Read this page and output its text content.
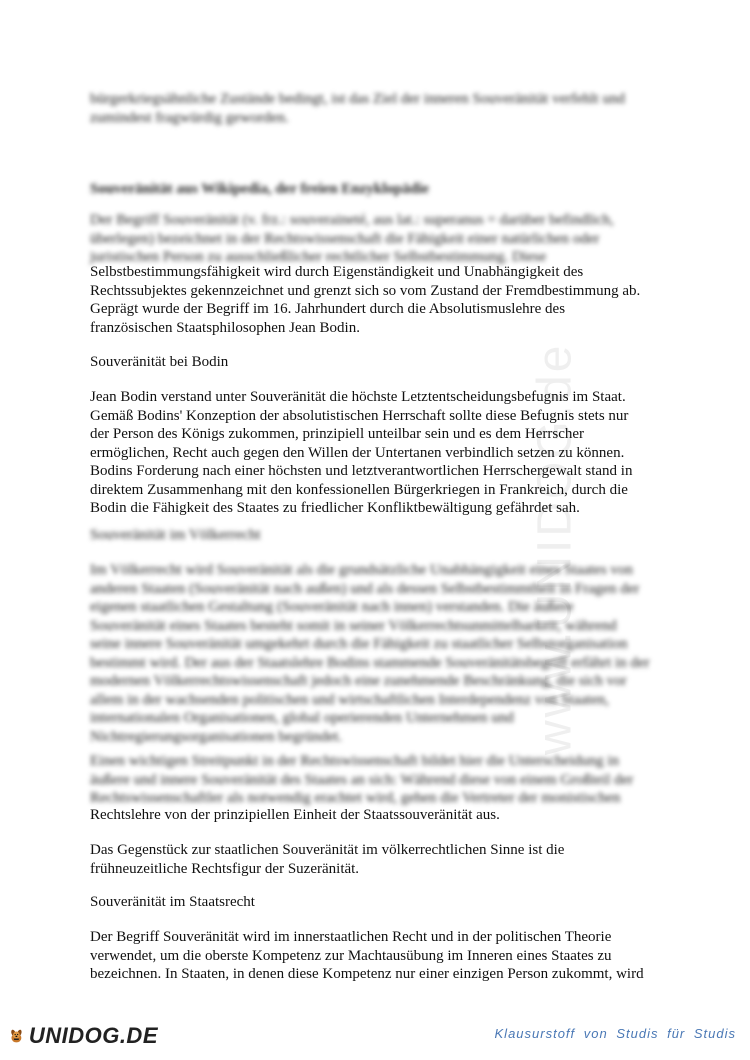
www.UNIDOG.de

bürgerkriegsähnliche Zustände bedingt, ist das Ziel der inneren Souveränität verfehlt und zumindest fragwürdig geworden.

Souveränität aus Wikipedia, der freien Enzyklopädie

Der Begriff Souveränität (v. frz.: souveraineté, aus lat.: superanus = darüber befindlich, überlegen) bezeichnet in der Rechtswissenschaft die Fähigkeit einer natürlichen oder juristischen Person zu ausschließlicher rechtlicher Selbstbestimmung. Diese

Selbstbestimmungsfähigkeit wird durch Eigenständigkeit und Unabhängigkeit des Rechtssubjektes gekennzeichnet und grenzt sich so vom Zustand der Fremdbestimmung ab. Geprägt wurde der Begriff im 16. Jahrhundert durch die Absolutismuslehre des französischen Staatsphilosophen Jean Bodin.

Souveränität bei Bodin

Jean Bodin verstand unter Souveränität die höchste Letztentscheidungsbefugnis im Staat. Gemäß Bodins' Konzeption der absolutistischen Herrschaft sollte diese Befugnis stets nur der Person des Königs zukommen, prinzipiell unteilbar sein und es dem Herrscher ermöglichen, Recht auch gegen den Willen der Untertanen verbindlich setzen zu können. Bodins Forderung nach einer höchsten und letztverantwortlichen Herrschergewalt stand in direktem Zusammenhang mit den konfessionellen Bürgerkriegen in Frankreich, durch die Bodin die Fähigkeit des Staates zu friedlicher Konfliktbewältigung gefährdet sah.

Souveränität im Völkerrecht

Im Völkerrecht wird Souveränität als die grundsätzliche Unabhängigkeit eines Staates von anderen Staaten (Souveränität nach außen) und als dessen Selbstbestimmtheit in Fragen der eigenen staatlichen Gestaltung (Souveränität nach innen) verstanden. Die äußere Souveränität eines Staates besteht somit in seiner Völkerrechtsunmittelbarkeit, während seine innere Souveränität umgekehrt durch die Fähigkeit zu staatlicher Selbstorganisation bestimmt wird. Der aus der Staatslehre Bodins stammende Souveränitätsbegriff erfährt in der modernen Völkerrechtswissenschaft jedoch eine zunehmende Beschränkung, die sich vor allem in der wachsenden politischen und wirtschaftlichen Interdependenz von Staaten, internationalen Organisationen, global operierenden Unternehmen und Nichtregierungsorganisationen begründet.

Einen wichtigen Streitpunkt in der Rechtswissenschaft bildet hier die Unterscheidung in äußere und innere Souveränität des Staates an sich: Während diese von einem Großteil der Rechtswissenschaftler als notwendig erachtet wird, gehen die Vertreter der monistischen

Rechtslehre von der prinzipiellen Einheit der Staatssouveränität aus.

Das Gegenstück zur staatlichen Souveränität im völkerrechtlichen Sinne ist die frühneuzeitliche Rechtsfigur der Suzeränität.

Souveränität im Staatsrecht

Der Begriff Souveränität wird im innerstaatlichen Recht und in der politischen Theorie verwendet, um die oberste Kompetenz zur Machtausübung im Inneren eines Staates zu bezeichnen. In Staaten, in denen diese Kompetenz nur einer einzigen Person zukommt, wird

UNIDOG.DE	Klausurstoff von Studis für Studis
